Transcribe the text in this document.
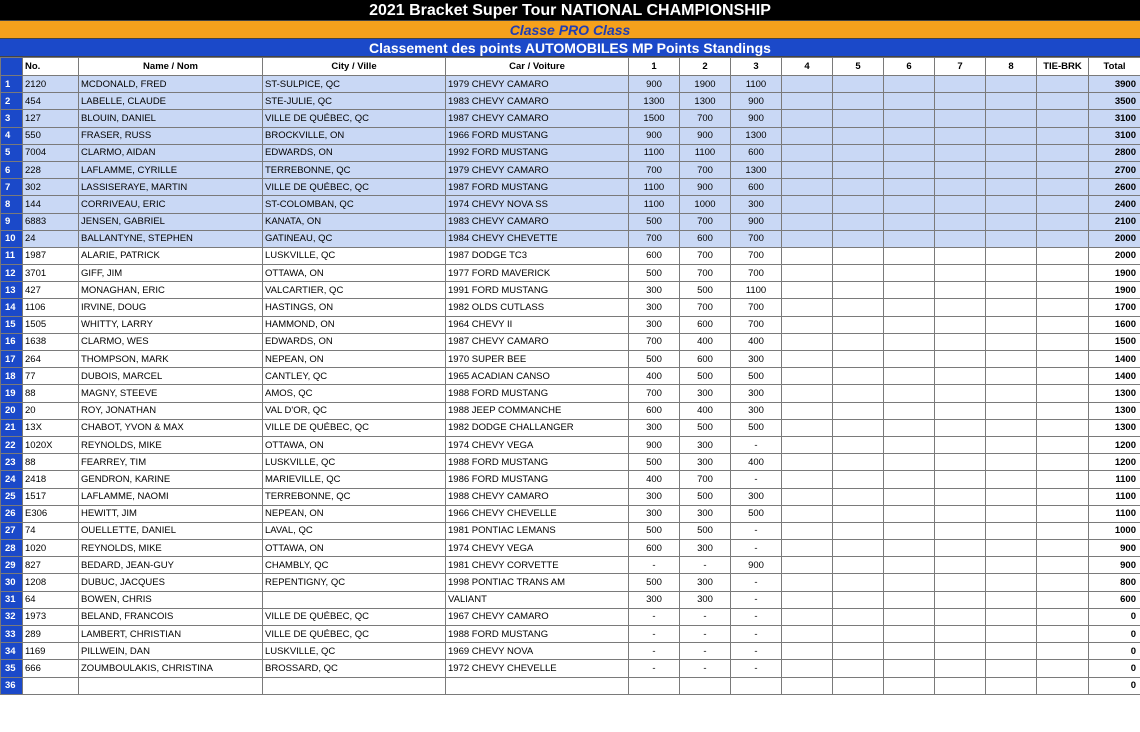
2021 Bracket Super Tour NATIONAL CHAMPIONSHIP
Classe PRO Class
Classement des points AUTOMOBILES MP Points Standings
	No.	Name / Nom	City / Ville	Car / Voiture	1	2	3	4	5	6	7	8	TIE-BRK	Total
1	2120	MCDONALD, FRED	ST-SULPICE, QC	1979 CHEVY CAMARO	900	1900	1100							3900
2	454	LABELLE, CLAUDE	STE-JULIE, QC	1983 CHEVY CAMARO	1300	1300	900							3500
3	127	BLOUIN, DANIEL	VILLE DE QUÉBEC, QC	1987 CHEVY CAMARO	1500	700	900							3100
4	550	FRASER, RUSS	BROCKVILLE, ON	1966 FORD MUSTANG	900	900	1300							3100
5	7004	CLARMO, AIDAN	EDWARDS, ON	1992 FORD MUSTANG	1100	1100	600							2800
6	228	LAFLAMME, CYRILLE	TERREBONNE, QC	1979 CHEVY CAMARO	700	700	1300							2700
7	302	LASSISERAYE, MARTIN	VILLE DE QUÉBEC, QC	1987 FORD MUSTANG	1100	900	600							2600
8	144	CORRIVEAU, ERIC	ST-COLOMBAN, QC	1974 CHEVY NOVA SS	1100	1000	300							2400
9	6883	JENSEN, GABRIEL	KANATA, ON	1983 CHEVY CAMARO	500	700	900							2100
10	24	BALLANTYNE, STEPHEN	GATINEAU, QC	1984 CHEVY CHEVETTE	700	600	700							2000
11	1987	ALARIE, PATRICK	LUSKVILLE, QC	1987 DODGE TC3	600	700	700							2000
12	3701	GIFF, JIM	OTTAWA, ON	1977 FORD MAVERICK	500	700	700							1900
13	427	MONAGHAN, ERIC	VALCARTIER, QC	1991 FORD MUSTANG	300	500	1100							1900
14	1106	IRVINE, DOUG	HASTINGS, ON	1982 OLDS CUTLASS	300	700	700							1700
15	1505	WHITTY, LARRY	HAMMOND, ON	1964 CHEVY II	300	600	700							1600
16	1638	CLARMO, WES	EDWARDS, ON	1987 CHEVY CAMARO	700	400	400							1500
17	264	THOMPSON, MARK	NEPEAN, ON	1970 SUPER BEE	500	600	300							1400
18	77	DUBOIS, MARCEL	CANTLEY, QC	1965 ACADIAN CANSO	400	500	500							1400
19	88	MAGNY, STEEVE	AMOS, QC	1988 FORD MUSTANG	700	300	300							1300
20	20	ROY, JONATHAN	VAL D'OR, QC	1988 JEEP COMMANCHE	600	400	300							1300
21	13X	CHABOT, YVON & MAX	VILLE DE QUÉBEC, QC	1982 DODGE CHALLANGER	300	500	500							1300
22	1020X	REYNOLDS, MIKE	OTTAWA, ON	1974 CHEVY VEGA	900	300	-							1200
23	88	FEARREY, TIM	LUSKVILLE, QC	1988 FORD MUSTANG	500	300	400							1200
24	2418	GENDRON, KARINE	MARIEVILLE, QC	1986 FORD MUSTANG	400	700	-							1100
25	1517	LAFLAMME, NAOMI	TERREBONNE, QC	1988 CHEVY CAMARO	300	500	300							1100
26	E306	HEWITT, JIM	NEPEAN, ON	1966 CHEVY CHEVELLE	300	300	500							1100
27	74	OUELLETTE, DANIEL	LAVAL, QC	1981 PONTIAC LEMANS	500	500	-							1000
28	1020	REYNOLDS, MIKE	OTTAWA, ON	1974 CHEVY VEGA	600	300	-							900
29	827	BEDARD, JEAN-GUY	CHAMBLY, QC	1981 CHEVY CORVETTE	-	-	900							900
30	1208	DUBUC, JACQUES	REPENTIGNY, QC	1998 PONTIAC TRANS AM	500	300	-							800
31	64	BOWEN, CHRIS		VALIANT	300	300	-							600
32	1973	BELAND, FRANCOIS	VILLE DE QUÉBEC, QC	1967 CHEVY CAMARO	-	-	-							0
33	289	LAMBERT, CHRISTIAN	VILLE DE QUÉBEC, QC	1988 FORD MUSTANG	-	-	-							0
34	1169	PILLWEIN, DAN	LUSKVILLE, QC	1969 CHEVY NOVA	-	-	-							0
35	666	ZOUMBOULAKIS, CHRISTINA	BROSSARD, QC	1972 CHEVY CHEVELLE	-	-	-							0
36														0
